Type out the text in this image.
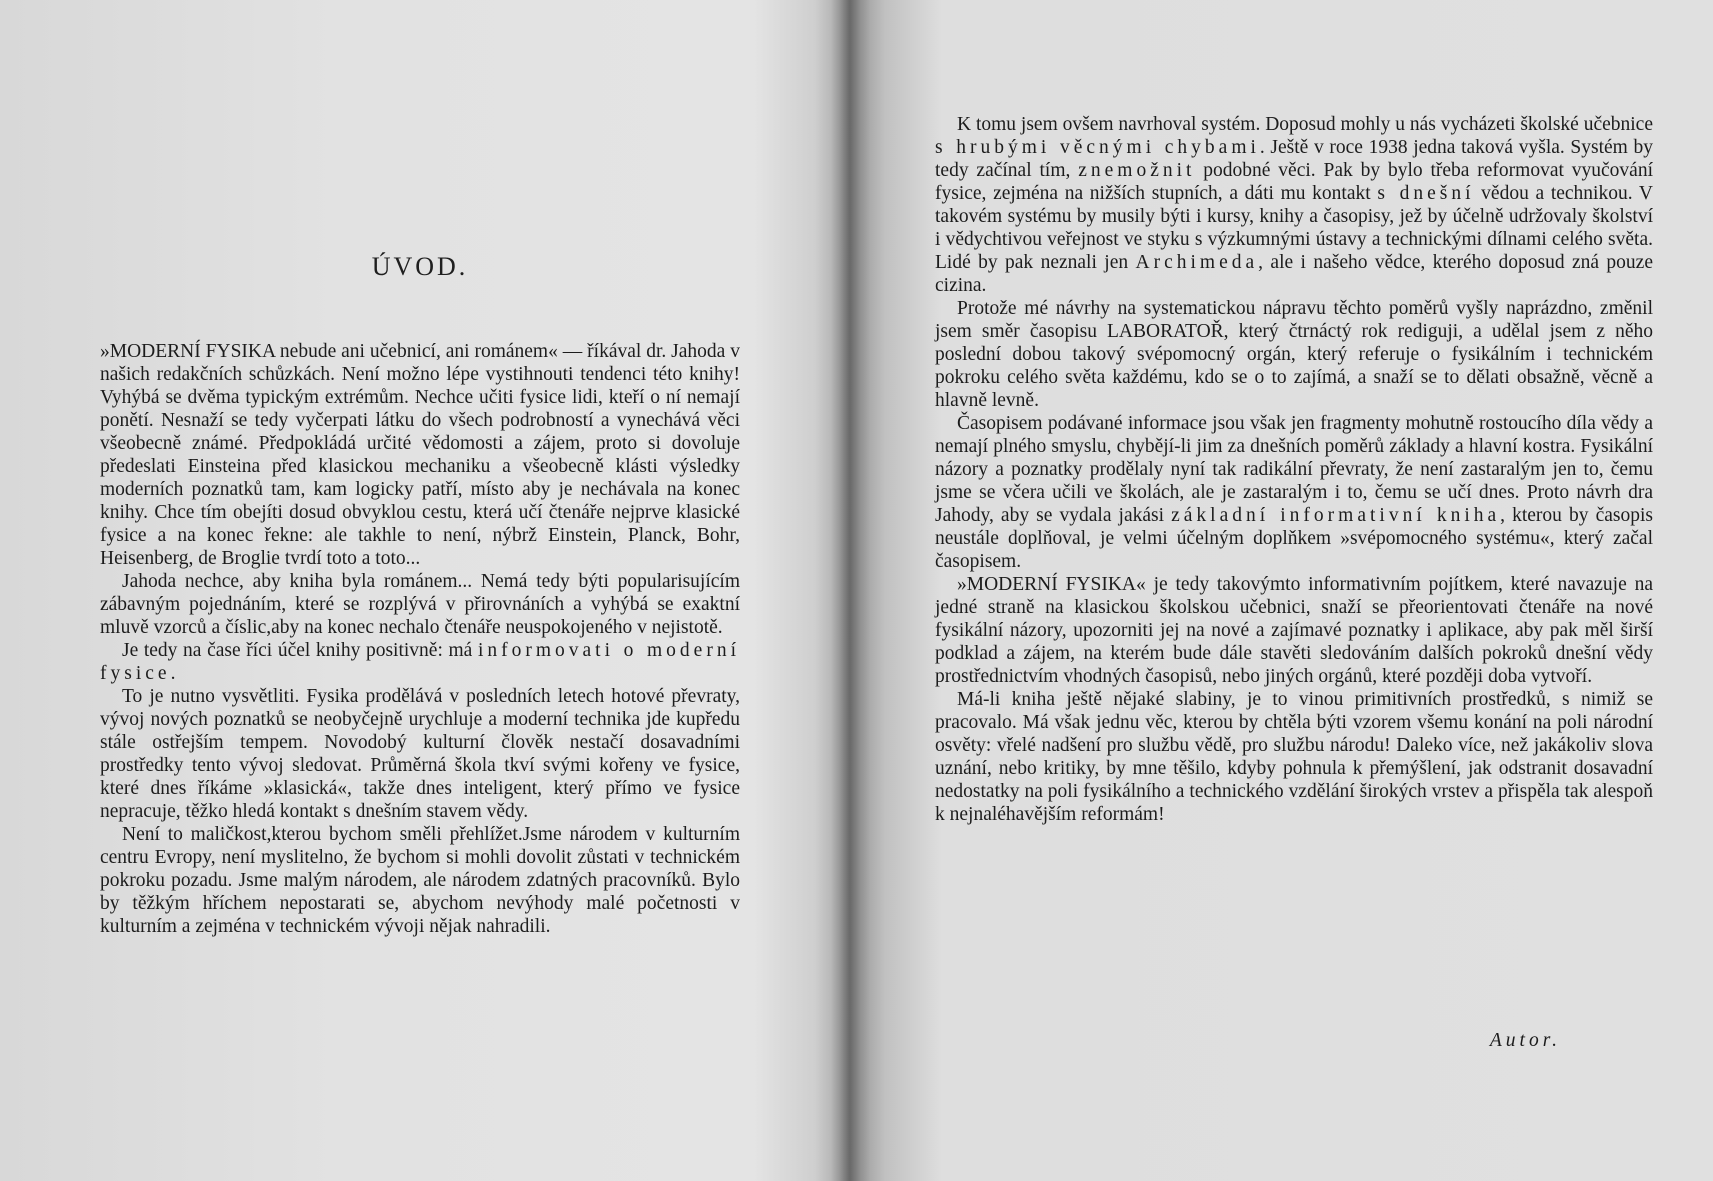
ÚVOD.

»MODERNÍ FYSIKA nebude ani učebnicí, ani románem« — říkával dr. Jahoda v našich redakčních schůzkách. Není možno lépe vystihnouti tendenci této knihy! Vyhýbá se dvěma typickým extrémům. Nechce učiti fysice lidi, kteří o ní nemají ponětí. Nesnaží se tedy vyčerpati látku do všech podrobností a vynechává věci všeobecně známé. Předpokládá určité vědomosti a zájem, proto si dovoluje předeslati Einsteina před klasickou mechaniku a všeobecně klásti výsledky moderních poznatků tam, kam logicky patří, místo aby je nechávala na konec knihy. Chce tím obejíti dosud obvyklou cestu, která učí čtenáře nejprve klasické fysice a na konec řekne: ale takhle to není, nýbrž Einstein, Planck, Bohr, Heisenberg, de Broglie tvrdí toto a toto...

Jahoda nechce, aby kniha byla románem... Nemá tedy býti popularisujícím zábavným pojednáním, které se rozplývá v přirovnáních a vyhýbá se exaktní mluvě vzorců a číslic,aby na konec nechalo čtenáře neuspokojeného v nejistotě.

Je tedy na čase říci účel knihy positivně: má informovati o moderní fysice.

To je nutno vysvětliti. Fysika prodělává v posledních letech hotové převraty, vývoj nových poznatků se neobyčejně urychluje a moderní technika jde kupředu stále ostřejším tempem. Novodobý kulturní člověk nestačí dosavadními prostředky tento vývoj sledovat. Průměrná škola tkví svými kořeny ve fysice, které dnes říkáme »klasická«, takže dnes inteligent, který přímo ve fysice nepracuje, těžko hledá kontakt s dnešním stavem vědy.

Není to maličkost,kterou bychom směli přehlížet.Jsme národem v kulturním centru Evropy, není myslitelno, že bychom si mohli dovolit zůstati v technickém pokroku pozadu. Jsme malým národem, ale národem zdatných pracovníků. Bylo by těžkým hříchem nepostarati se, abychom nevýhody malé početnosti v kulturním a zejména v technickém vývoji nějak nahradili.

K tomu jsem ovšem navrhoval systém. Doposud mohly u nás vycházeti školské učebnice s hrubými věcnými chybami. Ještě v roce 1938 jedna taková vyšla. Systém by tedy začínal tím, znemožnit podobné věci. Pak by bylo třeba reformovat vyučování fysice, zejména na nižších stupních, a dáti mu kontakt s dnešní vědou a technikou. V takovém systému by musily býti i kursy, knihy a časopisy, jež by účelně udržovaly školství i vědychtivou veřejnost ve styku s výzkumnými ústavy a technickými dílnami celého světa. Lidé by pak neznali jen Archimeda, ale i našeho vědce, kterého doposud zná pouze cizina.

Protože mé návrhy na systematickou nápravu těchto poměrů vyšly naprázdno, změnil jsem směr časopisu LABORATOŘ, který čtrnáctý rok rediguji, a udělal jsem z něho poslední dobou takový svépomocný orgán, který referuje o fysikálním i technickém pokroku celého světa každému, kdo se o to zajímá, a snaží se to dělati obsažně, věcně a hlavně levně.

Časopisem podávané informace jsou však jen fragmenty mohutně rostoucího díla vědy a nemají plného smyslu, chybějí-li jim za dnešních poměrů základy a hlavní kostra. Fysikální názory a poznatky prodělaly nyní tak radikální převraty, že není zastaralým jen to, čemu jsme se včera učili ve školách, ale je zastaralým i to, čemu se učí dnes. Proto návrh dra Jahody, aby se vydala jakási základní informativní kniha, kterou by časopis neustále doplňoval, je velmi účelným doplňkem »svépomocného systému«, který začal časopisem.

»MODERNÍ FYSIKA« je tedy takovýmto informativním pojítkem, které navazuje na jedné straně na klasickou školskou učebnici, snaží se přeorientovati čtenáře na nové fysikální názory, upozorniti jej na nové a zajímavé poznatky i aplikace, aby pak měl širší podklad a zájem, na kterém bude dále stavěti sledováním dalších pokroků dnešní vědy prostřednictvím vhodných časopisů, nebo jiných orgánů, které později doba vytvoří.

Má-li kniha ještě nějaké slabiny, je to vinou primitivních prostředků, s nimiž se pracovalo. Má však jednu věc, kterou by chtěla býti vzorem všemu konání na poli národní osvěty: vřelé nadšení pro službu vědě, pro službu národu! Daleko více, než jakákoliv slova uznání, nebo kritiky, by mne těšilo, kdyby pohnula k přemýšlení, jak odstranit dosavadní nedostatky na poli fysikálního a technického vzdělání širokých vrstev a přispěla tak alespoň k nejnaléhavějším reformám!

Autor.
